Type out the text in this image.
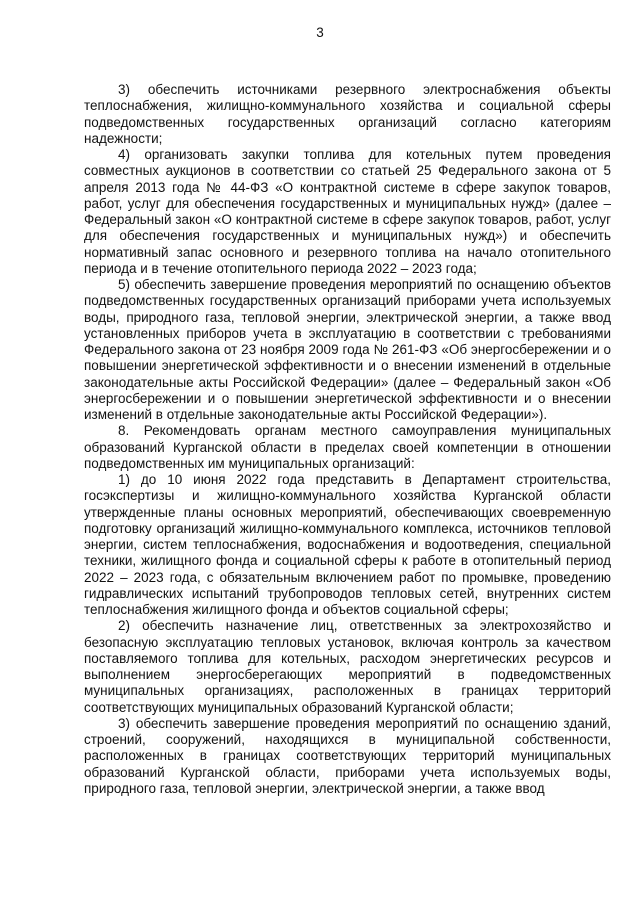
3

3) обеспечить источниками резервного электроснабжения объекты теплоснабжения, жилищно-коммунального хозяйства и социальной сферы подведомственных государственных организаций согласно категориям надежности;

4) организовать закупки топлива для котельных путем проведения совместных аукционов в соответствии со статьей 25 Федерального закона от 5 апреля 2013 года № 44-ФЗ «О контрактной системе в сфере закупок товаров, работ, услуг для обеспечения государственных и муниципальных нужд» (далее – Федеральный закон «О контрактной системе в сфере закупок товаров, работ, услуг для обеспечения государственных и муниципальных нужд») и обеспечить нормативный запас основного и резервного топлива на начало отопительного периода и в течение отопительного периода 2022 – 2023 года;

5) обеспечить завершение проведения мероприятий по оснащению объектов подведомственных государственных организаций приборами учета используемых воды, природного газа, тепловой энергии, электрической энергии, а также ввод установленных приборов учета в эксплуатацию в соответствии с требованиями Федерального закона от 23 ноября 2009 года № 261-ФЗ «Об энергосбережении и о повышении энергетической эффективности и о внесении изменений в отдельные законодательные акты Российской Федерации» (далее – Федеральный закон «Об энергосбережении и о повышении энергетической эффективности и о внесении изменений в отдельные законодательные акты Российской Федерации»).

8. Рекомендовать органам местного самоуправления муниципальных образований Курганской области в пределах своей компетенции в отношении подведомственных им муниципальных организаций:

1) до 10 июня 2022 года представить в Департамент строительства, госэкспертизы и жилищно-коммунального хозяйства Курганской области утвержденные планы основных мероприятий, обеспечивающих своевременную подготовку организаций жилищно-коммунального комплекса, источников тепловой энергии, систем теплоснабжения, водоснабжения и водоотведения, специальной техники, жилищного фонда и социальной сферы к работе в отопительный период 2022 – 2023 года, с обязательным включением работ по промывке, проведению гидравлических испытаний трубопроводов тепловых сетей, внутренних систем теплоснабжения жилищного фонда и объектов социальной сферы;

2) обеспечить назначение лиц, ответственных за электрохозяйство и безопасную эксплуатацию тепловых установок, включая контроль за качеством поставляемого топлива для котельных, расходом энергетических ресурсов и выполнением энергосберегающих мероприятий в подведомственных муниципальных организациях, расположенных в границах территорий соответствующих муниципальных образований Курганской области;

3) обеспечить завершение проведения мероприятий по оснащению зданий, строений, сооружений, находящихся в муниципальной собственности, расположенных в границах соответствующих территорий муниципальных образований Курганской области, приборами учета используемых воды, природного газа, тепловой энергии, электрической энергии, а также ввод
